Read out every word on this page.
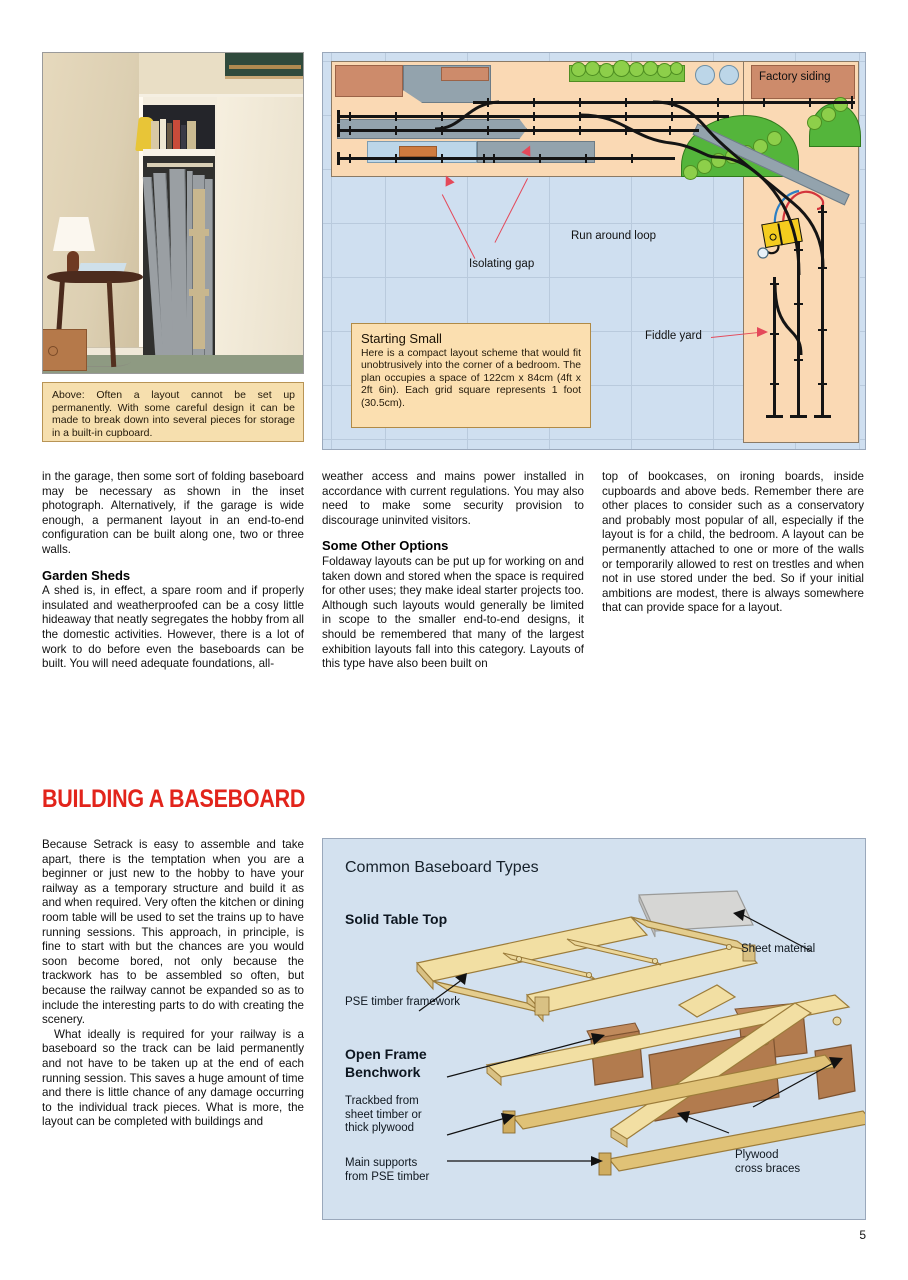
Above: Often a layout cannot be set up permanently. With some careful design it can be made to break down into several pieces for storage in a built-in cupboard.
Factory siding
Run around loop
Isolating gap
Fiddle yard
Starting Small

Here is a compact layout scheme that would fit unobtrusively into the corner of a bedroom. The plan occupies a space of 122cm x 84cm (4ft x 2ft 6in). Each grid square represents 1 foot (30.5cm).

in the garage, then some sort of folding baseboard may be necessary as shown in the inset photograph. Alternatively, if the garage is wide enough, a permanent layout in an end-to-end configuration can be built along one, two or three walls.

Garden Sheds

A shed is, in effect, a spare room and if properly insulated and weatherproofed can be a cosy little hideaway that neatly segregates the hobby from all the domestic activities. However, there is a lot of work to do before even the baseboards can be built. You will need adequate foundations, all-

weather access and mains power installed in accordance with current regulations. You may also need to make some security provision to discourage uninvited visitors.

Some Other Options

Foldaway layouts can be put up for working on and taken down and stored when the space is required for other uses; they make ideal starter projects too. Although such layouts would generally be limited in scope to the smaller end-to-end designs, it should be remembered that many of the largest exhibition layouts fall into this category. Layouts of this type have also been built on

top of bookcases, on ironing boards, inside cupboards and above beds. Remember there are other places to consider such as a conservatory and probably most popular of all, especially if the layout is for a child, the bedroom. A layout can be permanently attached to one or more of the walls or temporarily allowed to rest on trestles and when not in use stored under the bed. So if your initial ambitions are modest, there is always somewhere that can provide space for a layout.

BUILDING A BASEBOARD

Because Setrack is easy to assemble and take apart, there is the temptation when you are a beginner or just new to the hobby to have your railway as a temporary structure and build it as and when required. Very often the kitchen or dining room table will be used to set the trains up to have running sessions. This approach, in principle, is fine to start with but the chances are you would soon become bored, not only because the trackwork has to be assembled so often, but because the railway cannot be expanded so as to include the interesting parts to do with creating the scenery.

What ideally is required for your railway is a baseboard so the track can be laid permanently and not have to be taken up at the end of each running session. This saves a huge amount of time and there is little chance of any damage occurring to the individual track pieces. What is more, the layout can be completed with buildings and

Common Baseboard Types
Solid Table Top
Sheet material
PSE timber framework
Open Frame
Benchwork
Trackbed from
sheet timber or
thick plywood
Main supports
from PSE timber
Plywood
cross braces
5
